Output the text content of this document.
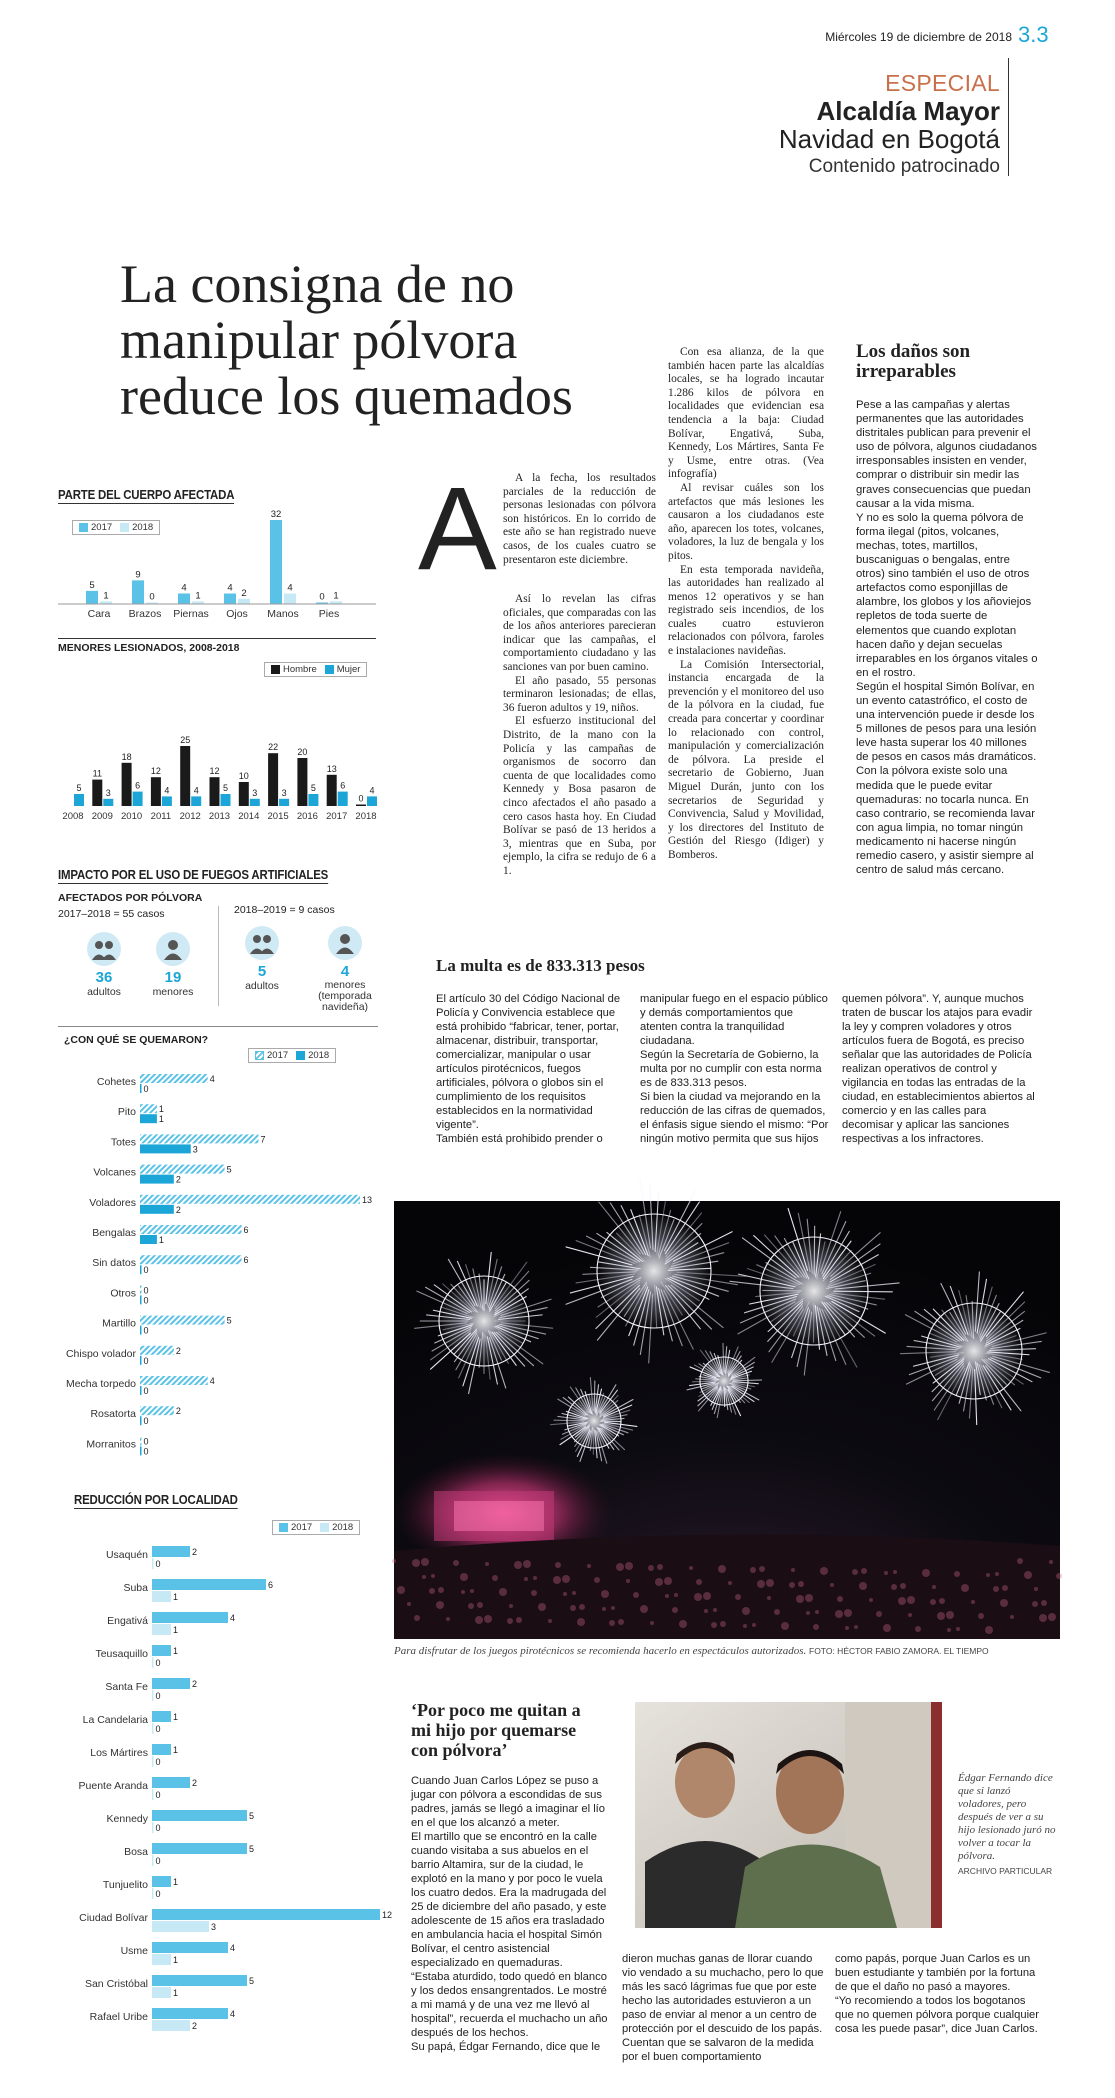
Miércoles 19 de diciembre de 2018 3.3
ESPECIAL
Alcaldía Mayor
Navidad en Bogotá
Contenido patrocinado
La consigna de no
manipular pólvora
reduce los quemados
A	A la fecha, los resultados parciales de la reducción de personas lesionadas con pólvora son históricos. En lo corrido de este año se han registrado nueve casos, de los cuales cuatro se presentaron este diciembre.

Así lo revelan las cifras oficiales, que comparadas con las de los años anteriores parecieran indicar que las campañas, el comportamiento ciudadano y las sanciones van por buen camino.

El año pasado, 55 personas terminaron lesionadas; de ellas, 36 fueron adultos y 19, niños.

El esfuerzo institucional del Distrito, de la mano con la Policía y las campañas de organismos de socorro dan cuenta de que localidades como Kennedy y Bosa pasaron de cinco afectados el año pasado a cero casos hasta hoy. En Ciudad Bolívar se pasó de 13 heridos a 3, mientras que en Suba, por ejemplo, la cifra se redujo de 6 a 1.

Con esa alianza, de la que también hacen parte las alcaldías locales, se ha logrado incautar 1.286 kilos de pólvora en localidades que evidencian esa tendencia a la baja: Ciudad Bolívar, Engativá, Suba, Kennedy, Los Mártires, Santa Fe y Usme, entre otras. (Vea infografía)

Al revisar cuáles son los artefactos que más lesiones les causaron a los ciudadanos este año, aparecen los totes, volcanes, voladores, la luz de bengala y los pitos.

En esta temporada navideña, las autoridades han realizado al menos 12 operativos y se han registrado seis incendios, de los cuales cuatro estuvieron relacionados con pólvora, faroles e instalaciones navideñas.

La Comisión Intersectorial, instancia encargada de la prevención y el monitoreo del uso de la pólvora en la ciudad, fue creada para concertar y coordinar lo relacionado con control, manipulación y comercialización de pólvora. La preside el secretario de Gobierno, Juan Miguel Durán, junto con los secretarios de Seguridad y Convivencia, Salud y Movilidad, y los directores del Instituto de Gestión del Riesgo (Idiger) y Bomberos.

Los daños son irreparables

Pese a las campañas y alertas permanentes que las autoridades distritales publican para prevenir el uso de pólvora, algunos ciudadanos irresponsables insisten en vender, comprar o distribuir sin medir las graves consecuencias que puedan causar a la vida misma.

Y no es solo la quema pólvora de forma ilegal (pitos, volcanes, mechas, totes, martillos, buscaniguas o bengalas, entre otros) sino también el uso de otros artefactos como esponjillas de alambre, los globos y los añoviejos repletos de toda suerte de elementos que cuando explotan hacen daño y dejan secuelas irreparables en los órganos vitales o en el rostro.

Según el hospital Simón Bolívar, en un evento catastrófico, el costo de una intervención puede ir desde los 5 millones de pesos para una lesión leve hasta superar los 40 millones de pesos en casos más dramáticos.

Con la pólvora existe solo una medida que le puede evitar quemaduras: no tocarla nunca. En caso contrario, se recomienda lavar con agua limpia, no tomar ningún medicamento ni hacerse ningún remedio casero, y asistir siempre al centro de salud más cercano.

La multa es de 833.313 pesos
El artículo 30 del Código Nacional de Policía y Convivencia establece que está prohibido “fabricar, tener, portar, almacenar, distribuir, transportar, comercializar, manipular o usar artículos pirotécnicos, fuegos artificiales, pólvora o globos sin el cumplimiento de los requisitos establecidos en la normatividad vigente”.
También está prohibido prender o
manipular fuego en el espacio público y demás comportamientos que atenten contra la tranquilidad ciudadana.
Según la Secretaría de Gobierno, la multa por no cumplir con esta norma es de 833.313 pesos.
Si bien la ciudad va mejorando en la reducción de las cifras de quemados, el énfasis sigue siendo el mismo: “Por ningún motivo permita que sus hijos
quemen pólvora”. Y, aunque muchos traten de buscar los atajos para evadir la ley y compren voladores y otros artículos fuera de Bogotá, es preciso señalar que las autoridades de Policía realizan operativos de control y vigilancia en todas las entradas de la ciudad, en establecimientos abiertos al comercio y en las calles para decomisar y aplicar las sanciones respectivas a los infractores.
Para disfrutar de los juegos pirotécnicos se recomienda hacerlo en espectáculos autorizados. FOTO: HÉCTOR FABIO ZAMORA. EL TIEMPO
‘Por poco me quitan a
mi hijo por quemarse
con pólvora’
Cuando Juan Carlos López se puso a jugar con pólvora a escondidas de sus padres, jamás se llegó a imaginar el lío en el que los alcanzó a meter.
El martillo que se encontró en la calle cuando visitaba a sus abuelos en el barrio Altamira, sur de la ciudad, le explotó en la mano y por poco le vuela los cuatro dedos. Era la madrugada del 25 de diciembre del año pasado, y este adolescente de 15 años era trasladado en ambulancia hacia el hospital Simón Bolívar, el centro asistencial especializado en quemaduras.
“Estaba aturdido, todo quedó en blanco y los dedos ensangrentados. Le mostré a mi mamá y de una vez me llevó al hospital”, recuerda el muchacho un año después de los hechos.
Su papá, Édgar Fernando, dice que le
dieron muchas ganas de llorar cuando vio vendado a su muchacho, pero lo que más les sacó lágrimas fue que por este hecho las autoridades estuvieron a un paso de enviar al menor a un centro de protección por el descuido de los papás. Cuentan que se salvaron de la medida por el buen comportamiento
como papás, porque Juan Carlos es un buen estudiante y también por la fortuna de que el daño no pasó a mayores.
“Yo recomiendo a todos los bogotanos que no quemen pólvora porque cualquier cosa les puede pasar”, dice Juan Carlos.
Édgar Fernando dice que si lanzó voladores, pero después de ver a su hijo lesionado juró no volver a tocar la pólvora.
ARCHIVO PARTICULAR
PARTE DEL CUERPO AFECTADA
2017 2018
5
1
Cara
9
0
Brazos
4
1
Piernas
4 2
Ojos
32
4
Manos
0 1
Pies
MENORES LESIONADOS, 2008-2018
Hombre Mujer
5
2008
11
3
2009
18
6
2010
12
4
2011
25
4
2012
12
5
2013
10
3
2014
22
3
2015
20
5
2016
13
6
2017
0
4
2018
IMPACTO POR EL USO DE FUEGOS ARTIFICIALES
AFECTADOS POR PÓLVORA
2017–2018 = 55 casos	2018–2019 = 9 casos
36
adultos
19
menores
5
adultos
4
menores (temporada navideña)
¿CON QUÉ SE QUEMARON?
2017 2018
Cohetes	4
0
Pito	1
1
Totes	7
3
Volcanes	5
2
Voladores	13
2
Bengalas	6
1
Sin datos	6
0
Otros 0
0
Martillo	5
0
Chispo volador	2
0
Mecha torpedo	4
0
Rosatorta	2
0
Morranitos 0
0
REDUCCIÓN POR LOCALIDAD
2017 2018
Usaquén	2
0
Suba	6
1
Engativá	4
1
Teusaquillo	1
0
Santa Fe	2
0
La Candelaria	1
0
Los Mártires	1
0
Puente Aranda	2
0
Kennedy	5
0
Bosa	5
0
Tunjuelito	1
0
Ciudad Bolívar	12
3
Usme	4
1
San Cristóbal	5
1
Rafael Uribe	4
2
